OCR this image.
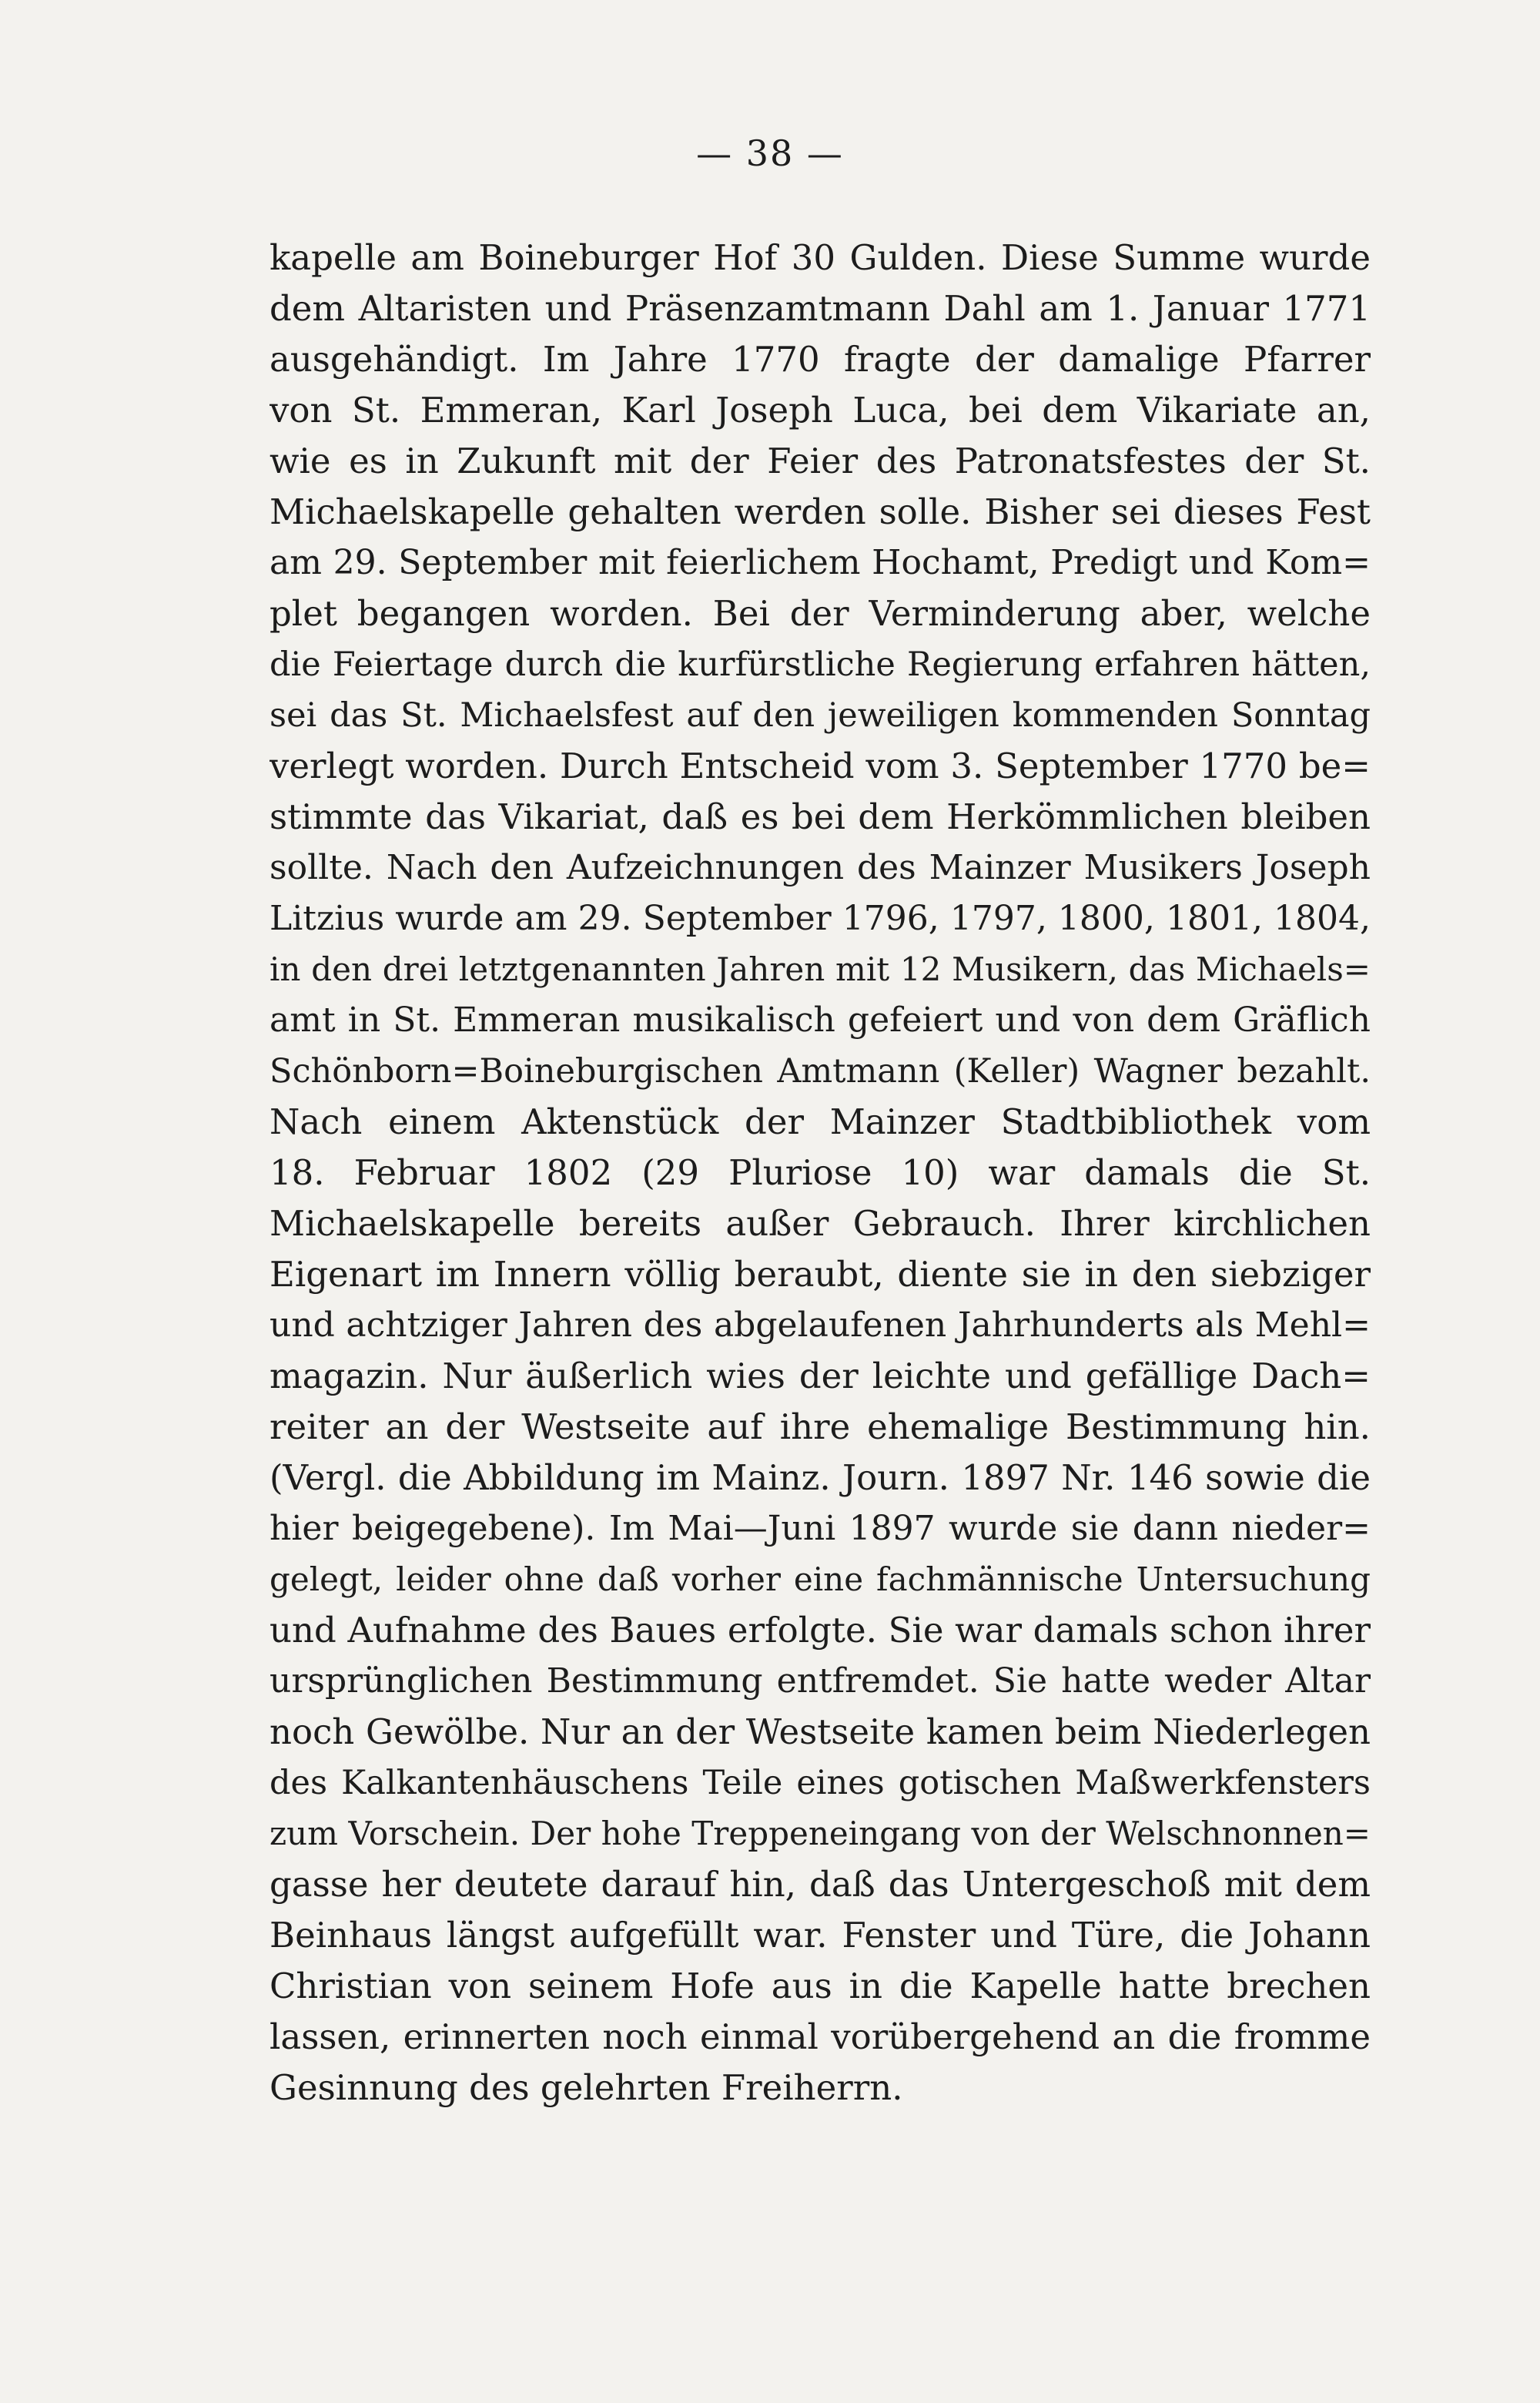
— 38 —
kapelle am Boineburger Hof 30 Gulden. Diese Summe wurde
dem Altaristen und Präsenzamtmann Dahl am 1. Januar 1771
ausgehändigt. Im Jahre 1770 fragte der damalige Pfarrer
von St. Emmeran, Karl Joseph Luca, bei dem Vikariate an,
wie es in Zukunft mit der Feier des Patronatsfestes der St.
Michaelskapelle gehalten werden solle. Bisher sei dieses Fest
am 29. September mit feierlichem Hochamt, Predigt und Kom=
plet begangen worden. Bei der Verminderung aber, welche
die Feiertage durch die kurfürstliche Regierung erfahren hätten,
sei das St. Michaelsfest auf den jeweiligen kommenden Sonntag
verlegt worden. Durch Entscheid vom 3. September 1770 be=
stimmte das Vikariat, daß es bei dem Herkömmlichen bleiben
sollte. Nach den Aufzeichnungen des Mainzer Musikers Joseph
Litzius wurde am 29. September 1796, 1797, 1800, 1801, 1804,
in den drei letztgenannten Jahren mit 12 Musikern, das Michaels=
amt in St. Emmeran musikalisch gefeiert und von dem Gräflich
Schönborn=Boineburgischen Amtmann (Keller) Wagner bezahlt.
Nach einem Aktenstück der Mainzer Stadtbibliothek vom
18. Februar 1802 (29 Pluriose 10) war damals die St.
Michaelskapelle bereits außer Gebrauch. Ihrer kirchlichen
Eigenart im Innern völlig beraubt, diente sie in den siebziger
und achtziger Jahren des abgelaufenen Jahrhunderts als Mehl=
magazin. Nur äußerlich wies der leichte und gefällige Dach=
reiter an der Westseite auf ihre ehemalige Bestimmung hin.
(Vergl. die Abbildung im Mainz. Journ. 1897 Nr. 146 sowie die
hier beigegebene). Im Mai—Juni 1897 wurde sie dann nieder=
gelegt, leider ohne daß vorher eine fachmännische Untersuchung
und Aufnahme des Baues erfolgte. Sie war damals schon ihrer
ursprünglichen Bestimmung entfremdet. Sie hatte weder Altar
noch Gewölbe. Nur an der Westseite kamen beim Niederlegen
des Kalkantenhäuschens Teile eines gotischen Maßwerkfensters
zum Vorschein. Der hohe Treppeneingang von der Welschnonnen=
gasse her deutete darauf hin, daß das Untergeschoß mit dem
Beinhaus längst aufgefüllt war. Fenster und Türe, die Johann
Christian von seinem Hofe aus in die Kapelle hatte brechen
lassen, erinnerten noch einmal vorübergehend an die fromme
Gesinnung des gelehrten Freiherrn.
